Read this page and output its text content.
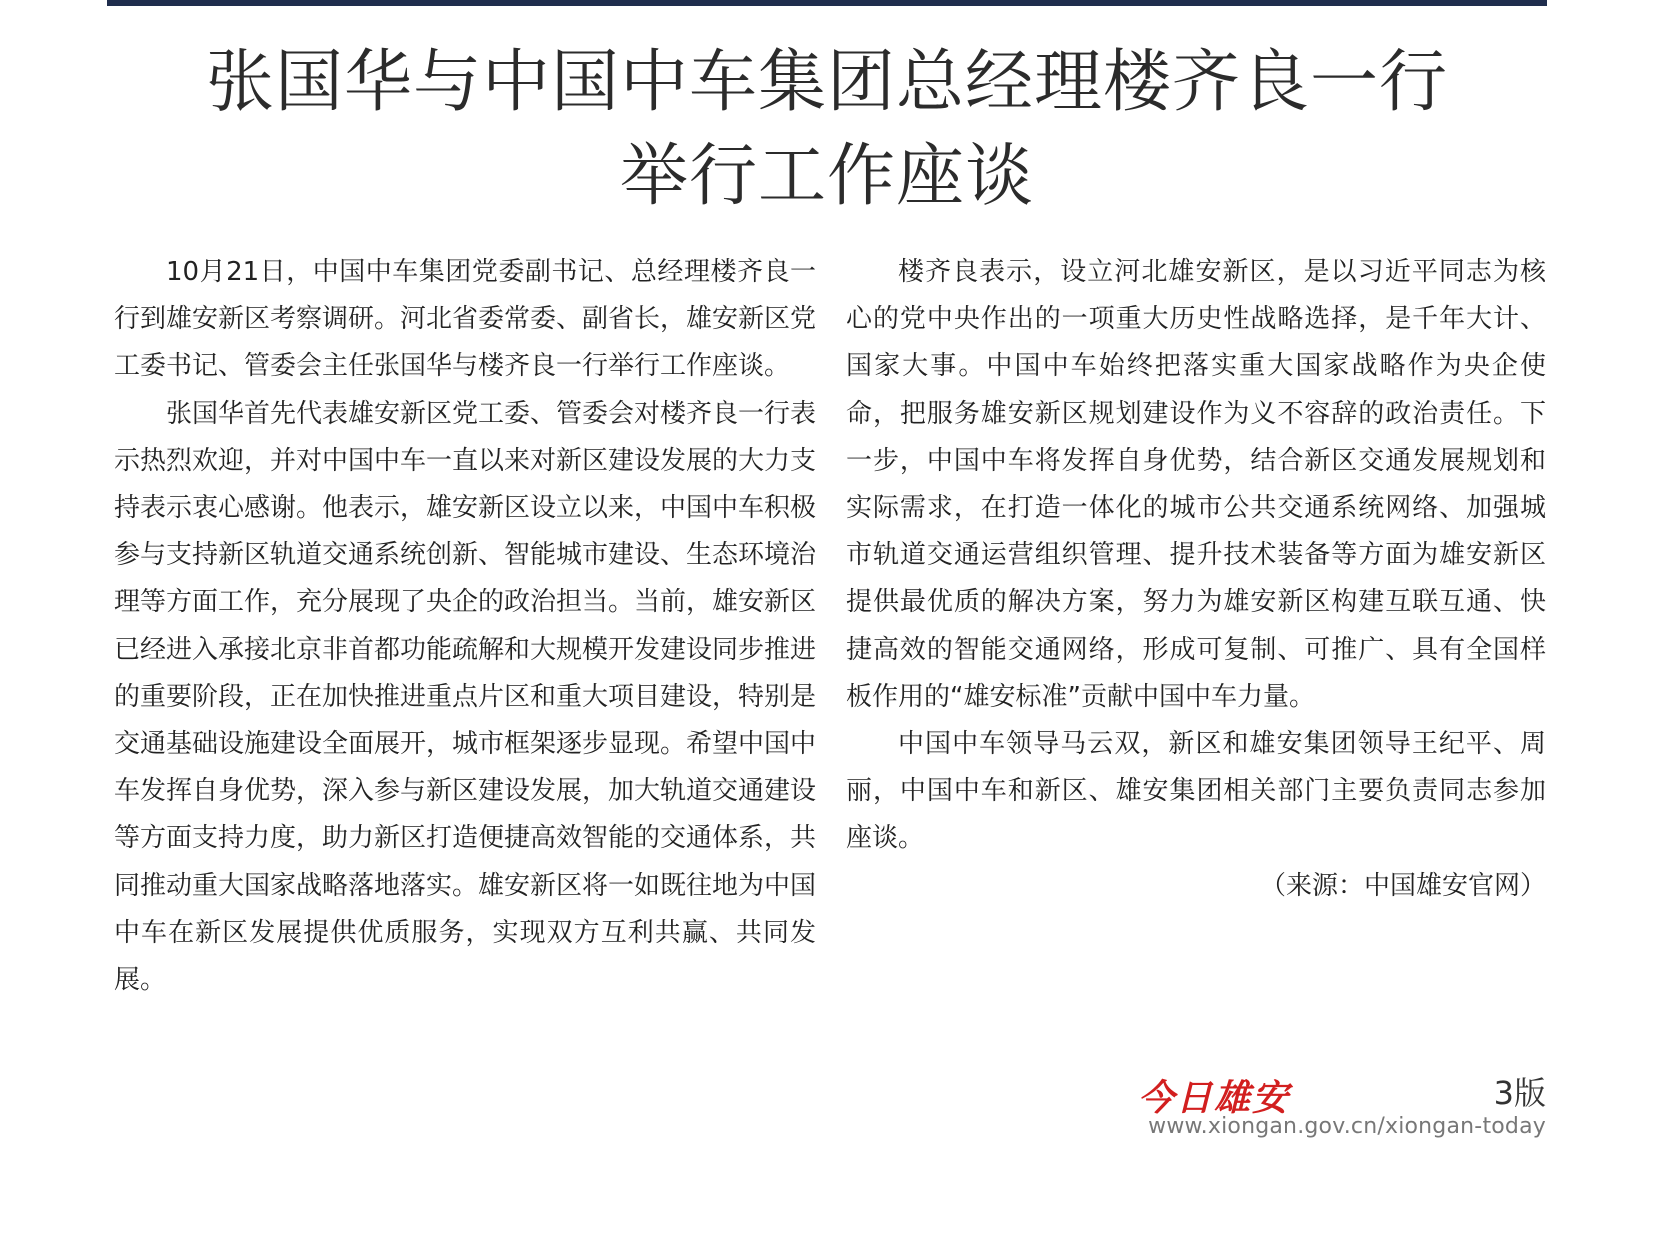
张国华与中国中车集团总经理楼齐良一行
举行工作座谈

10月21日，中国中车集团党委副书记、总经理楼齐良一行到雄安新区考察调研。河北省委常委、副省长，雄安新区党工委书记、管委会主任张国华与楼齐良一行举行工作座谈。

张国华首先代表雄安新区党工委、管委会对楼齐良一行表示热烈欢迎，并对中国中车一直以来对新区建设发展的大力支持表示衷心感谢。他表示，雄安新区设立以来，中国中车积极参与支持新区轨道交通系统创新、智能城市建设、生态环境治理等方面工作，充分展现了央企的政治担当。当前，雄安新区已经进入承接北京非首都功能疏解和大规模开发建设同步推进的重要阶段，正在加快推进重点片区和重大项目建设，特别是交通基础设施建设全面展开，城市框架逐步显现。希望中国中车发挥自身优势，深入参与新区建设发展，加大轨道交通建设等方面支持力度，助力新区打造便捷高效智能的交通体系，共同推动重大国家战略落地落实。雄安新区将一如既往地为中国中车在新区发展提供优质服务，实现双方互利共赢、共同发展。

楼齐良表示，设立河北雄安新区，是以习近平同志为核心的党中央作出的一项重大历史性战略选择，是千年大计、国家大事。中国中车始终把落实重大国家战略作为央企使命，把服务雄安新区规划建设作为义不容辞的政治责任。下一步，中国中车将发挥自身优势，结合新区交通发展规划和实际需求，在打造一体化的城市公共交通系统网络、加强城市轨道交通运营组织管理、提升技术装备等方面为雄安新区提供最优质的解决方案，努力为雄安新区构建互联互通、快捷高效的智能交通网络，形成可复制、可推广、具有全国样板作用的“雄安标准”贡献中国中车力量。

中国中车领导马云双，新区和雄安集团领导王纪平、周丽，中国中车和新区、雄安集团相关部门主要负责同志参加座谈。

（来源：中国雄安官网）
今日雄安	3版
www.xiongan.gov.cn/xiongan-today
